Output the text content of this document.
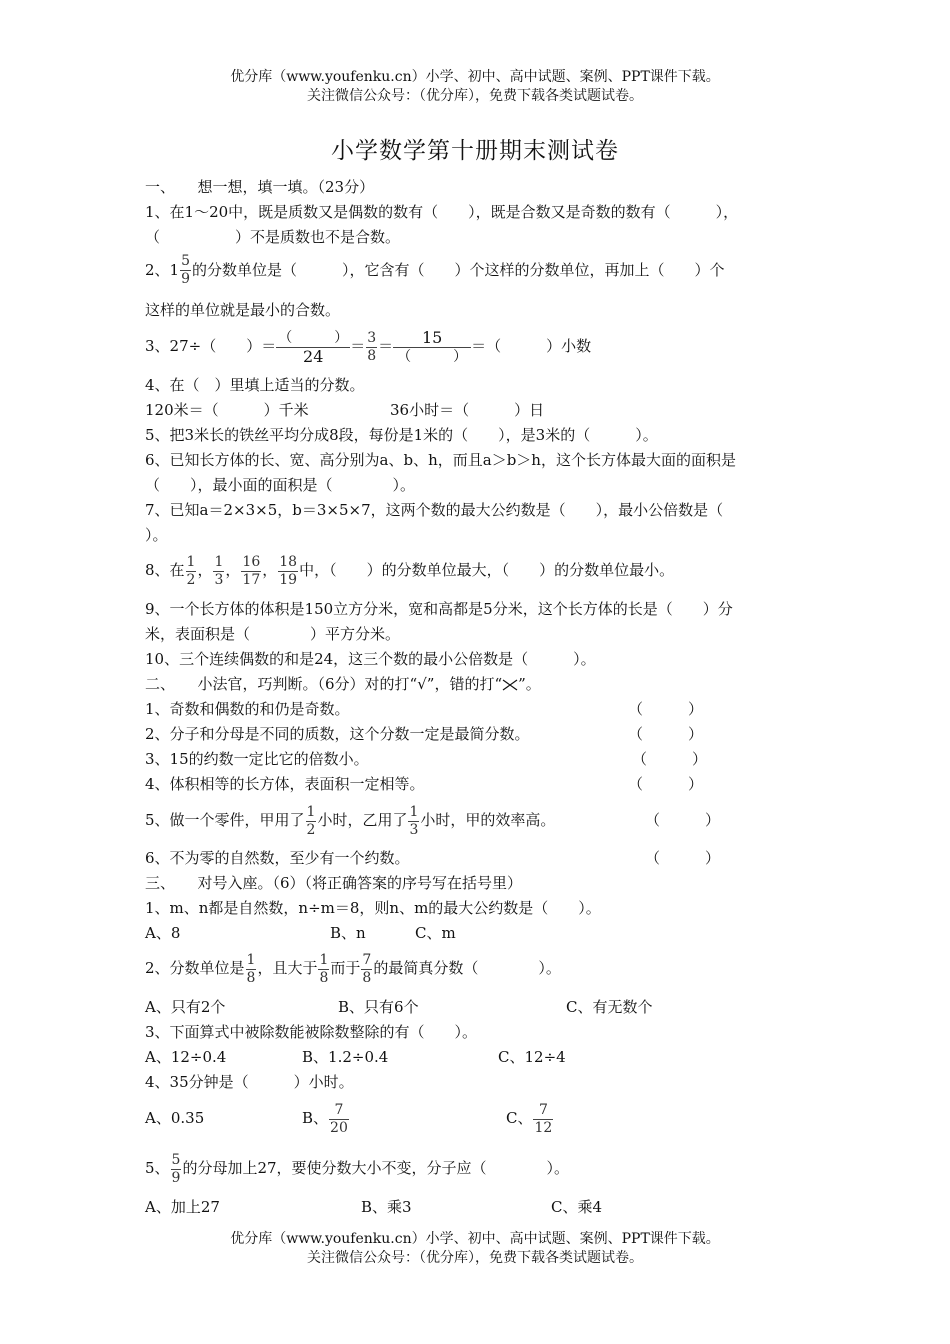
优分库（www.youfenku.cn）小学、初中、高中试题、案例、PPT课件下载。
关注微信公众号：（优分库），免费下载各类试题试卷。
小学数学第十册期末测试卷
一、　　想一想，填一填。（23分）
1、在1～20中，既是质数又是偶数的数有（　　），既是合数又是奇数的数有（　　　），
（　　　　　）不是质数也不是合数。
2、 $1 \frac{5}{9}$ 的分数单位是（　　　），它含有（　　）个这样的分数单位，再加上（　　）个
这样的单位就是最小的合数。
3、27÷（　　）＝ （　　　）
24
＝ $\frac{3}{8}$ ＝	15
（　　　）
＝（　　　）小数
4、在（　）里填上适当的分数。
120米＝（　　　）千米	36小时＝（　　　）日
5、把3米长的铁丝平均分成8段，每份是1米的（　　），是3米的（　　　）。
6、已知长方体的长、宽、高分别为a、b、h，而且a＞b＞h，这个长方体最大面的面积是
（　　），最小面的面积是（　　　　）。
7、已知a＝2×3×5，b＝3×5×7，这两个数的最大公约数是（　　），最小公倍数是（
）。
8、在 $\frac{1}{2}$ ， $\frac{1}{3}$ ， $\frac{16}{17}$ ， $\frac{18}{19}$ 中，（　　）的分数单位最大，（　　）的分数单位最小。
9、一个长方体的体积是150立方分米，宽和高都是5分米，这个长方体的长是（　　）分
米，表面积是（　　　　）平方分米。
10、三个连续偶数的和是24，这三个数的最小公倍数是（　　　）。
二、　　小法官，巧判断。（6分）对的打“√”，错的打“ ”。
1、奇数和偶数的和仍是奇数。	（　　　）
2、分子和分母是不同的质数，这个分数一定是最简分数。	（　　　）
3、15的约数一定比它的倍数小。	（　　　）
4、体积相等的长方体，表面积一定相等。	（　　　）
5、做一个零件，甲用了 $\frac{1}{2}$ 小时，乙用了 $\frac{1}{3}$ 小时，甲的效率高。	（　　　）
6、不为零的自然数，至少有一个约数。	（　　　）
三、　　对号入座。（6）（将正确答案的序号写在括号里）
1、m、n都是自然数，n÷m＝8，则n、m的最大公约数是（　　）。
A、8	B、n	C、m
2、分数单位是 $\frac{1}{8}$ ，且大于 $\frac{1}{8}$ 而于 $\frac{7}{8}$ 的最简真分数（　　　　）。
A、只有2个	B、只有6个	C、有无数个
3、下面算式中被除数能被除数整除的有（　　）。
A、12÷0.4	B、1.2÷0.4	C、12÷4
4、35分钟是（　　　）小时。
A、0.35	B、 $\frac{7}{20}$	C、 $\frac{7}{12}$
5、 $\frac{5}{9}$ 的分母加上27，要使分数大小不变，分子应（　　　　）。
A、加上27	B、乘3	C、乘4
优分库（www.youfenku.cn）小学、初中、高中试题、案例、PPT课件下载。
关注微信公众号：（优分库），免费下载各类试题试卷。
